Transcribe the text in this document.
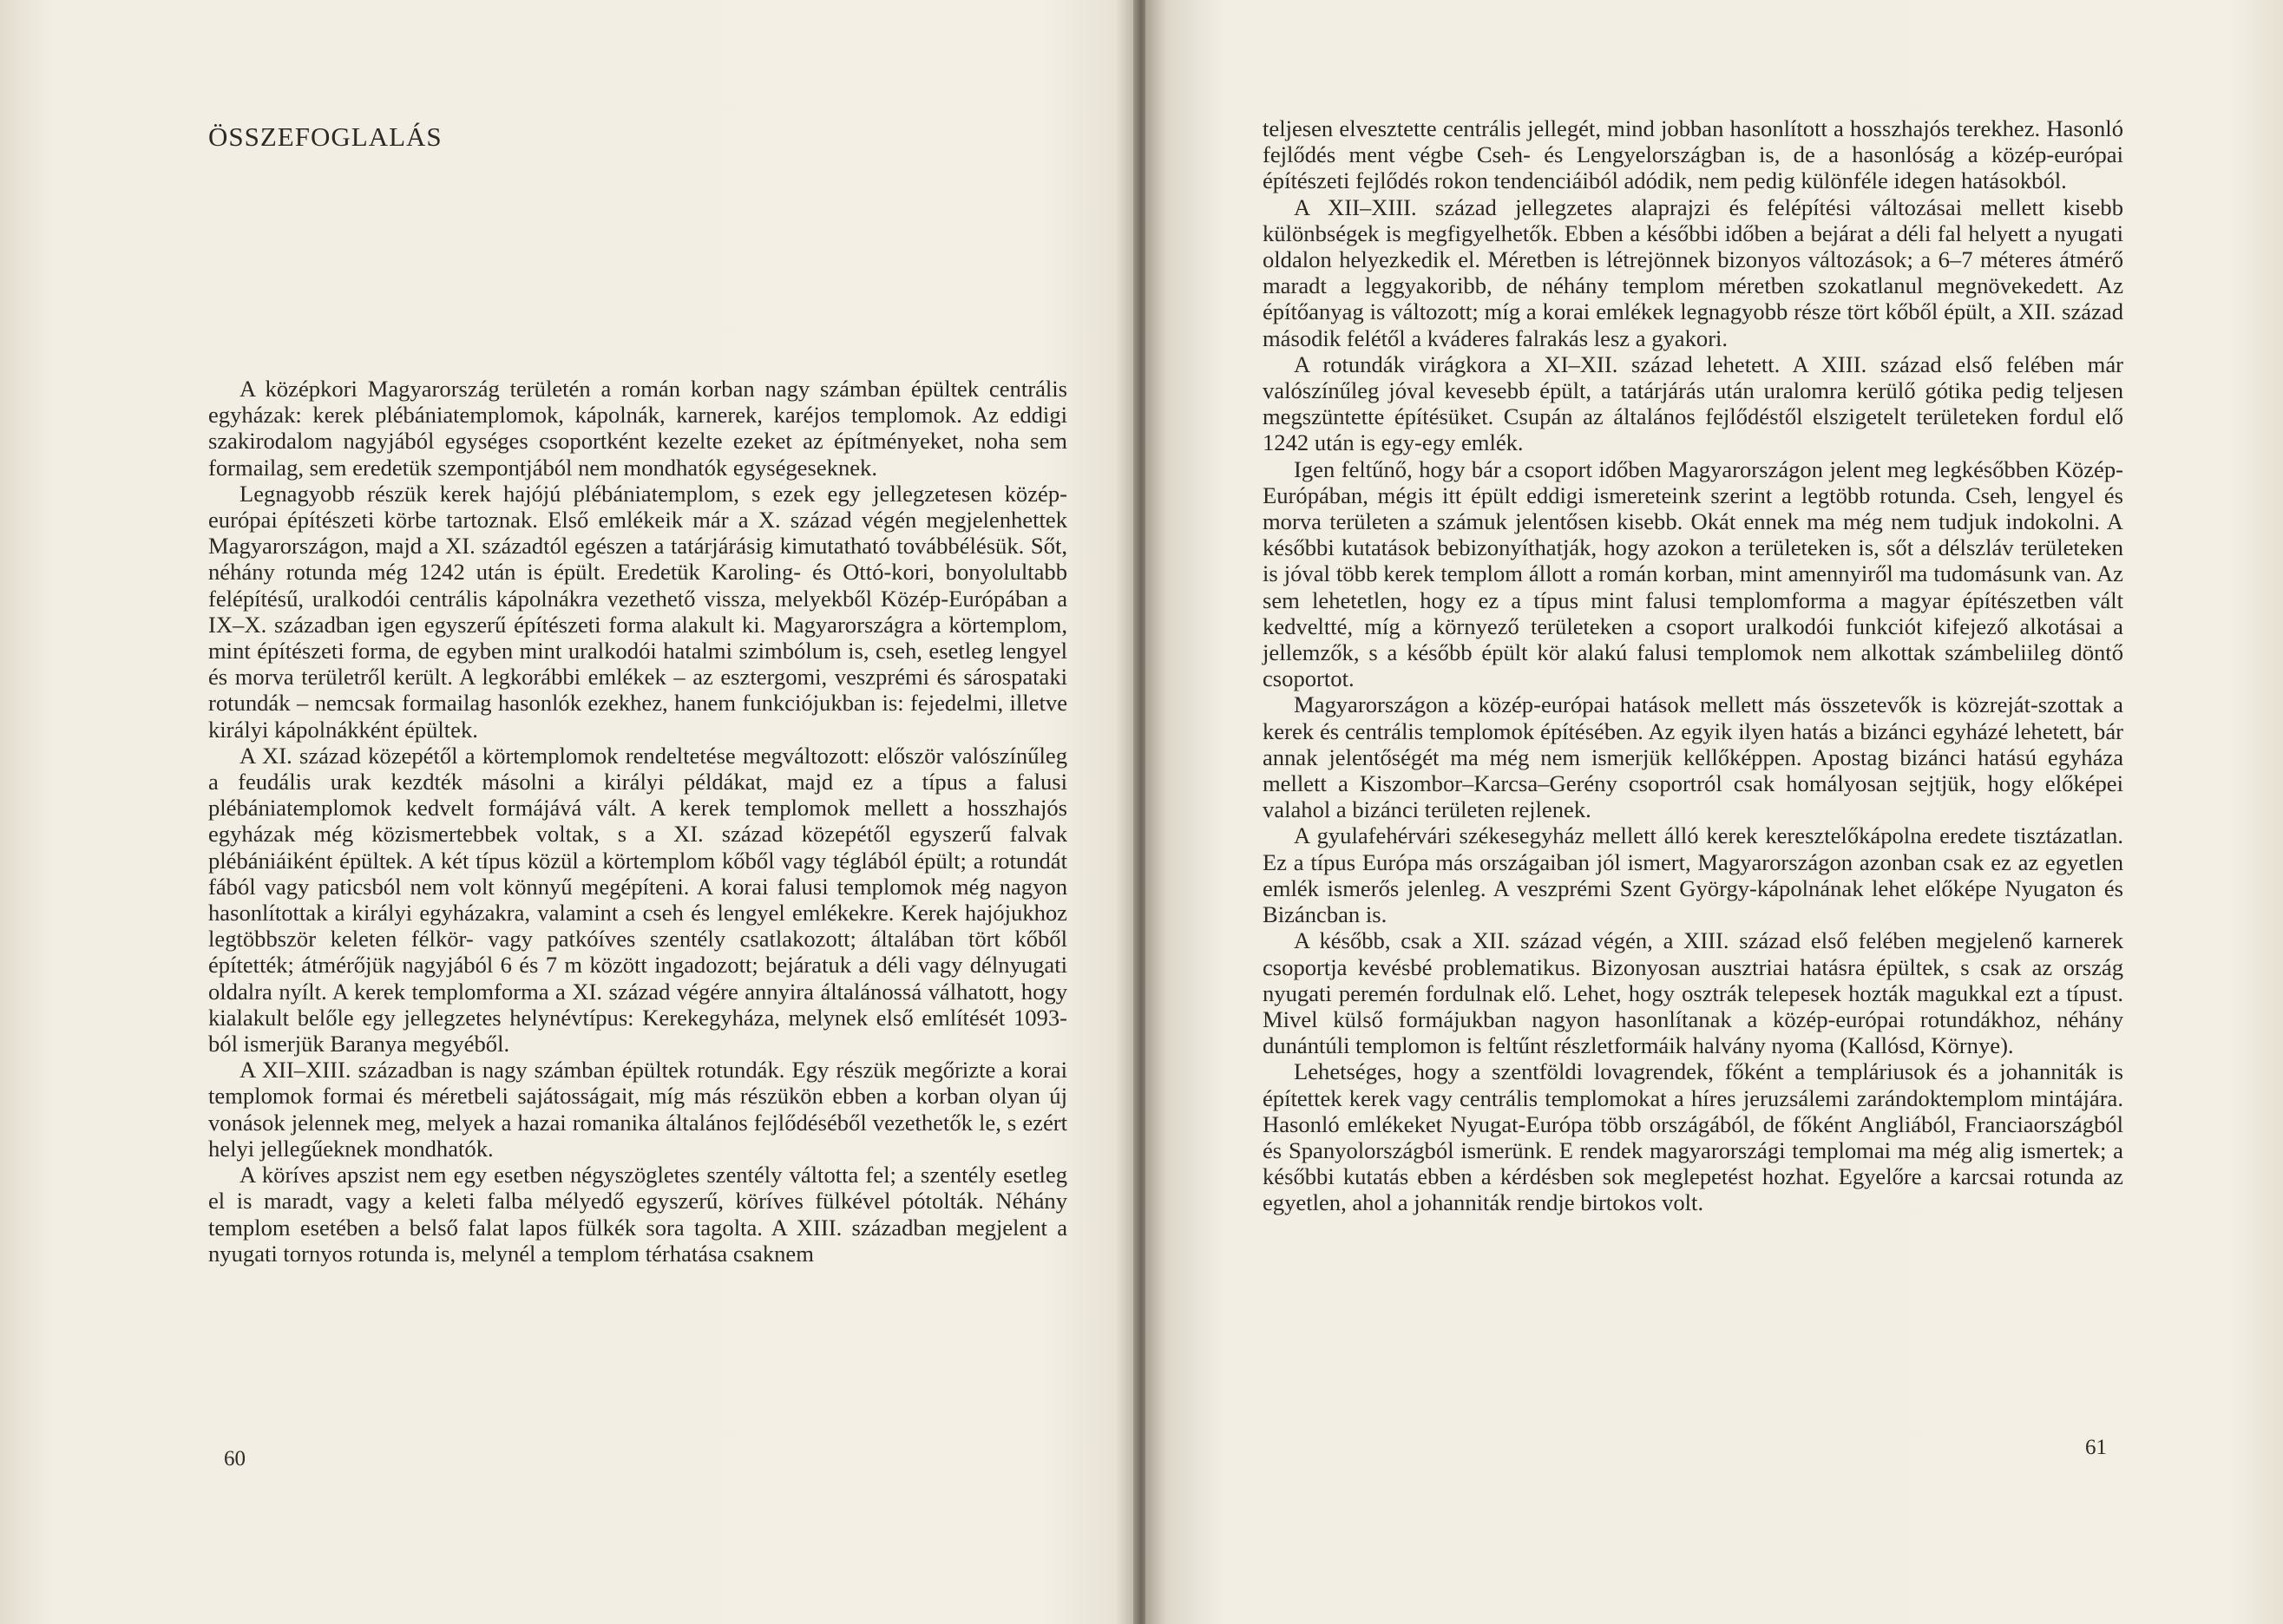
ÖSSZEFOGLALÁS

A középkori Magyarország területén a román korban nagy számban épültek centrális egyházak: kerek plébániatemplomok, kápolnák, karnerek, karéjos templomok. Az eddigi szakirodalom nagyjából egységes csoportként kezelte ezeket az építményeket, noha sem formailag, sem eredetük szempontjából nem mondhatók egységeseknek.

Legnagyobb részük kerek hajójú plébániatemplom, s ezek egy jellegzetesen közép-európai építészeti körbe tartoznak. Első emlékeik már a X. század végén megjelenhettek Magyarországon, majd a XI. századtól egészen a tatárjárásig kimutatható továbbélésük. Sőt, néhány rotunda még 1242 után is épült. Eredetük Karoling- és Ottó-kori, bonyolultabb felépítésű, uralkodói centrális kápolnákra vezethető vissza, melyekből Közép-Európában a IX–X. században igen egyszerű építészeti forma alakult ki. Magyarországra a körtemplom, mint építészeti forma, de egyben mint uralkodói hatalmi szimbólum is, cseh, esetleg lengyel és morva területről került. A legkorábbi emlékek – az esztergomi, veszprémi és sárospataki rotundák – nemcsak formailag hasonlók ezekhez, hanem funkciójukban is: fejedelmi, illetve királyi kápolnákként épültek.

A XI. század közepétől a körtemplomok rendeltetése megváltozott: először valószínűleg a feudális urak kezdték másolni a királyi példákat, majd ez a típus a falusi plébániatemplomok kedvelt formájává vált. A kerek templomok mellett a hosszhajós egyházak még közismertebbek voltak, s a XI. század közepétől egyszerű falvak plébániáiként épültek. A két típus közül a körtemplom kőből vagy téglából épült; a rotundát fából vagy paticsból nem volt könnyű megépíteni. A korai falusi templomok még nagyon hasonlítottak a királyi egyházakra, valamint a cseh és lengyel emlékekre. Kerek hajójukhoz legtöbbször keleten félkör- vagy patkóíves szentély csatlakozott; általában tört kőből építették; átmérőjük nagyjából 6 és 7 m között ingadozott; bejáratuk a déli vagy délnyugati oldalra nyílt. A kerek templomforma a XI. század végére annyira általánossá válhatott, hogy kialakult belőle egy jellegzetes helynévtípus: Kerekegyháza, melynek első említését 1093-ból ismerjük Baranya megyéből.

A XII–XIII. században is nagy számban épültek rotundák. Egy részük megőrizte a korai templomok formai és méretbeli sajátosságait, míg más részükön ebben a korban olyan új vonások jelennek meg, melyek a hazai romanika általános fejlődéséből vezethetők le, s ezért helyi jellegűeknek mondhatók.

A köríves apszist nem egy esetben négyszögletes szentély váltotta fel; a szentély esetleg el is maradt, vagy a keleti falba mélyedő egyszerű, köríves fülkével pótolták. Néhány templom esetében a belső falat lapos fülkék sora tagolta. A XIII. században megjelent a nyugati tornyos rotunda is, melynél a templom térhatása csaknem

60

teljesen elvesztette centrális jellegét, mind jobban hasonlított a hosszhajós terekhez. Hasonló fejlődés ment végbe Cseh- és Lengyelországban is, de a hasonlóság a közép-európai építészeti fejlődés rokon tendenciáiból adódik, nem pedig különféle idegen hatásokból.

A XII–XIII. század jellegzetes alaprajzi és felépítési változásai mellett kisebb különbségek is megfigyelhetők. Ebben a későbbi időben a bejárat a déli fal helyett a nyugati oldalon helyezkedik el. Méretben is létrejönnek bizonyos változások; a 6–7 méteres átmérő maradt a leggyakoribb, de néhány templom méretben szokatlanul megnövekedett. Az építőanyag is változott; míg a korai emlékek legnagyobb része tört kőből épült, a XII. század második felétől a kváderes falrakás lesz a gyakori.

A rotundák virágkora a XI–XII. század lehetett. A XIII. század első felében már valószínűleg jóval kevesebb épült, a tatárjárás után uralomra kerülő gótika pedig teljesen megszüntette építésüket. Csupán az általános fejlődéstől elszigetelt területeken fordul elő 1242 után is egy-egy emlék.

Igen feltűnő, hogy bár a csoport időben Magyarországon jelent meg legkésőbben Közép-Európában, mégis itt épült eddigi ismereteink szerint a legtöbb rotunda. Cseh, lengyel és morva területen a számuk jelentősen kisebb. Okát ennek ma még nem tudjuk indokolni. A későbbi kutatások bebizonyíthatják, hogy azokon a területeken is, sőt a délszláv területeken is jóval több kerek templom állott a román korban, mint amennyiről ma tudomásunk van. Az sem lehetetlen, hogy ez a típus mint falusi templomforma a magyar építészetben vált kedveltté, míg a környező területeken a csoport uralkodói funkciót kifejező alkotásai a jellemzők, s a később épült kör alakú falusi templomok nem alkottak számbeliileg döntő csoportot.

Magyarországon a közép-európai hatások mellett más összetevők is közreját-szottak a kerek és centrális templomok építésében. Az egyik ilyen hatás a bizánci egyházé lehetett, bár annak jelentőségét ma még nem ismerjük kellőképpen. Apostag bizánci hatású egyháza mellett a Kiszombor–Karcsa–Gerény csoportról csak homályosan sejtjük, hogy előképei valahol a bizánci területen rejlenek.

A gyulafehérvári székesegyház mellett álló kerek keresztelőkápolna eredete tisztázatlan. Ez a típus Európa más országaiban jól ismert, Magyarországon azonban csak ez az egyetlen emlék ismerős jelenleg. A veszprémi Szent György-kápolnának lehet előképe Nyugaton és Bizáncban is.

A később, csak a XII. század végén, a XIII. század első felében megjelenő karnerek csoportja kevésbé problematikus. Bizonyosan ausztriai hatásra épültek, s csak az ország nyugati peremén fordulnak elő. Lehet, hogy osztrák telepesek hozták magukkal ezt a típust. Mivel külső formájukban nagyon hasonlítanak a közép-európai rotundákhoz, néhány dunántúli templomon is feltűnt részletformáik halvány nyoma (Kallósd, Környe).

Lehetséges, hogy a szentföldi lovagrendek, főként a templáriusok és a johanniták is építettek kerek vagy centrális templomokat a híres jeruzsálemi zarándoktemplom mintájára. Hasonló emlékeket Nyugat-Európa több országából, de főként Angliából, Franciaországból és Spanyolországból ismerünk. E rendek magyarországi templomai ma még alig ismertek; a későbbi kutatás ebben a kérdésben sok meglepetést hozhat. Egyelőre a karcsai rotunda az egyetlen, ahol a johanniták rendje birtokos volt.

61
